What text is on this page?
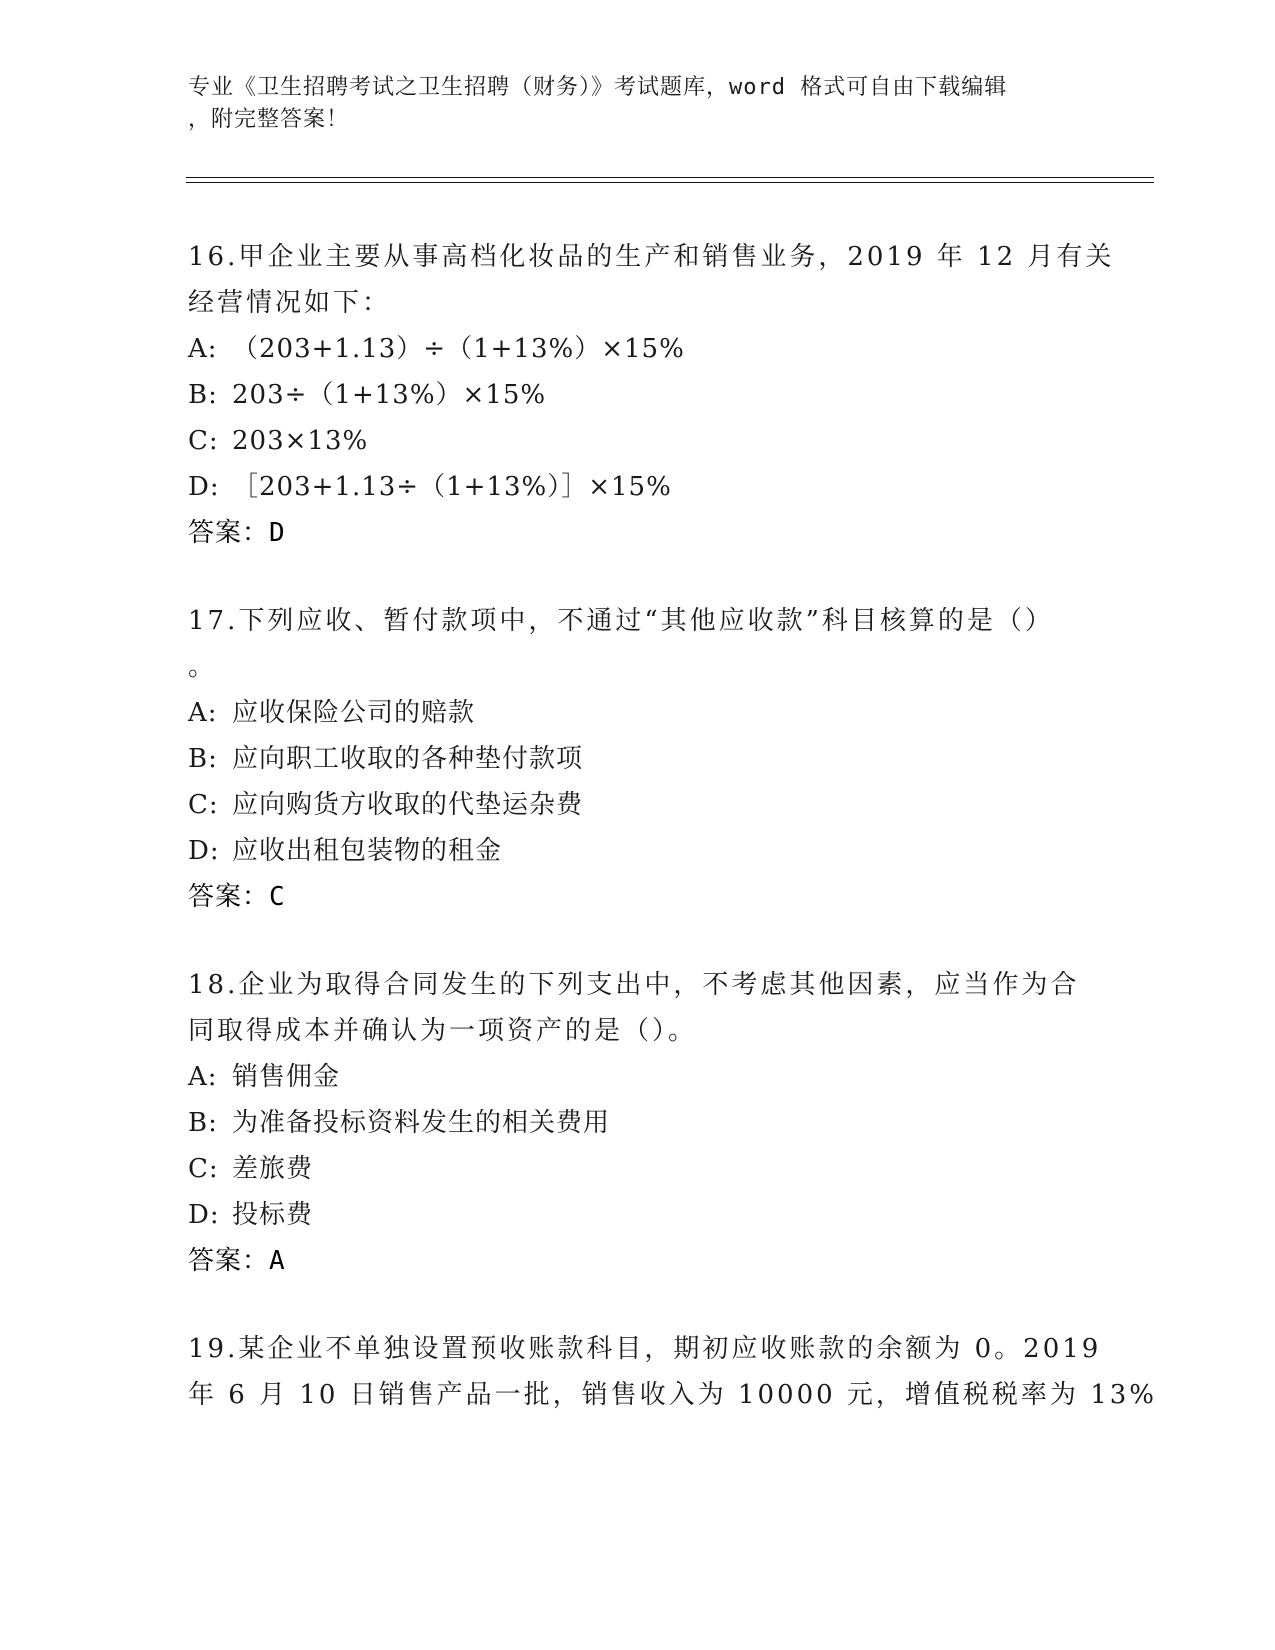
专业《卫生招聘考试之卫生招聘（财务）》考试题库，word 格式可自由下载编辑
，附完整答案！
16.甲企业主要从事高档化妆品的生产和销售业务，2019 年 12 月有关
经营情况如下：
A: （203+1.13）÷（1+13%）×15%
B: 203÷（1+13%）×15%
C: 203×13%
D: ［203+1.13÷（1+13%）］×15%
答案：D
17.下列应收、暂付款项中，不通过“其他应收款”科目核算的是（）
。
A: 应收保险公司的赔款
B: 应向职工收取的各种垫付款项
C: 应向购货方收取的代垫运杂费
D: 应收出租包装物的租金
答案：C
18.企业为取得合同发生的下列支出中，不考虑其他因素，应当作为合
同取得成本并确认为一项资产的是（）。
A: 销售佣金
B: 为准备投标资料发生的相关费用
C: 差旅费
D: 投标费
答案：A
19.某企业不单独设置预收账款科目，期初应收账款的余额为 0。2019
年 6 月 10 日销售产品一批，销售收入为 10000 元，增值税税率为 13%
